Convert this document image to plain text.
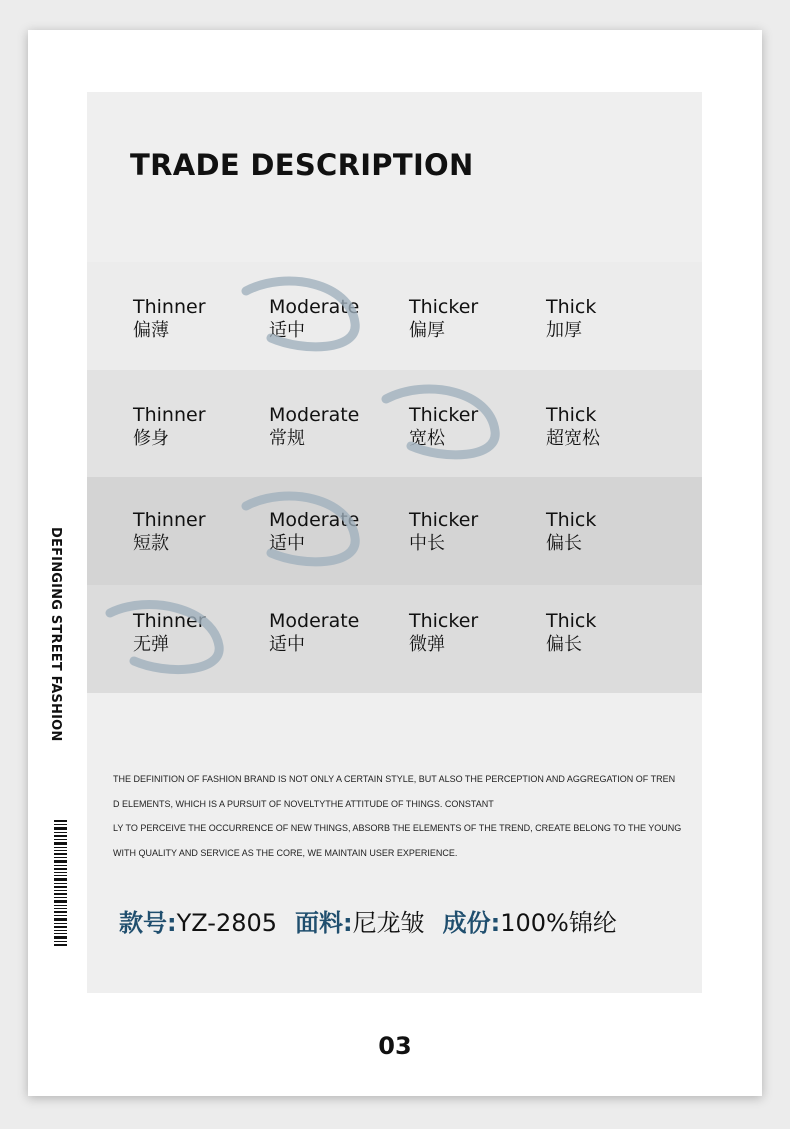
TRADE DESCRIPTION
Thinner
偏薄
Moderate
适中
Thicker
偏厚
Thick
加厚
Thinner
修身
Moderate
常规
Thicker
宽松
Thick
超宽松
Thinner
短款
Moderate
适中
Thicker
中长
Thick
偏长
Thinner
无弹
Moderate
适中
Thicker
微弹
Thick
偏长
DEFINGING STREET FASHION
THE DEFINITION OF FASHION BRAND IS NOT ONLY A CERTAIN STYLE, BUT ALSO THE PERCEPTION AND AGGREGATION OF TREN
D ELEMENTS, WHICH IS A PURSUIT OF NOVELTYTHE ATTITUDE OF THINGS. CONSTANT
LY TO PERCEIVE THE OCCURRENCE OF NEW THINGS, ABSORB THE ELEMENTS OF THE TREND, CREATE BELONG TO THE YOUNG
WITH QUALITY AND SERVICE AS THE CORE, WE MAINTAIN USER EXPERIENCE.
款号:YZ-2805 面料:尼龙皱 成份:100%锦纶
03
